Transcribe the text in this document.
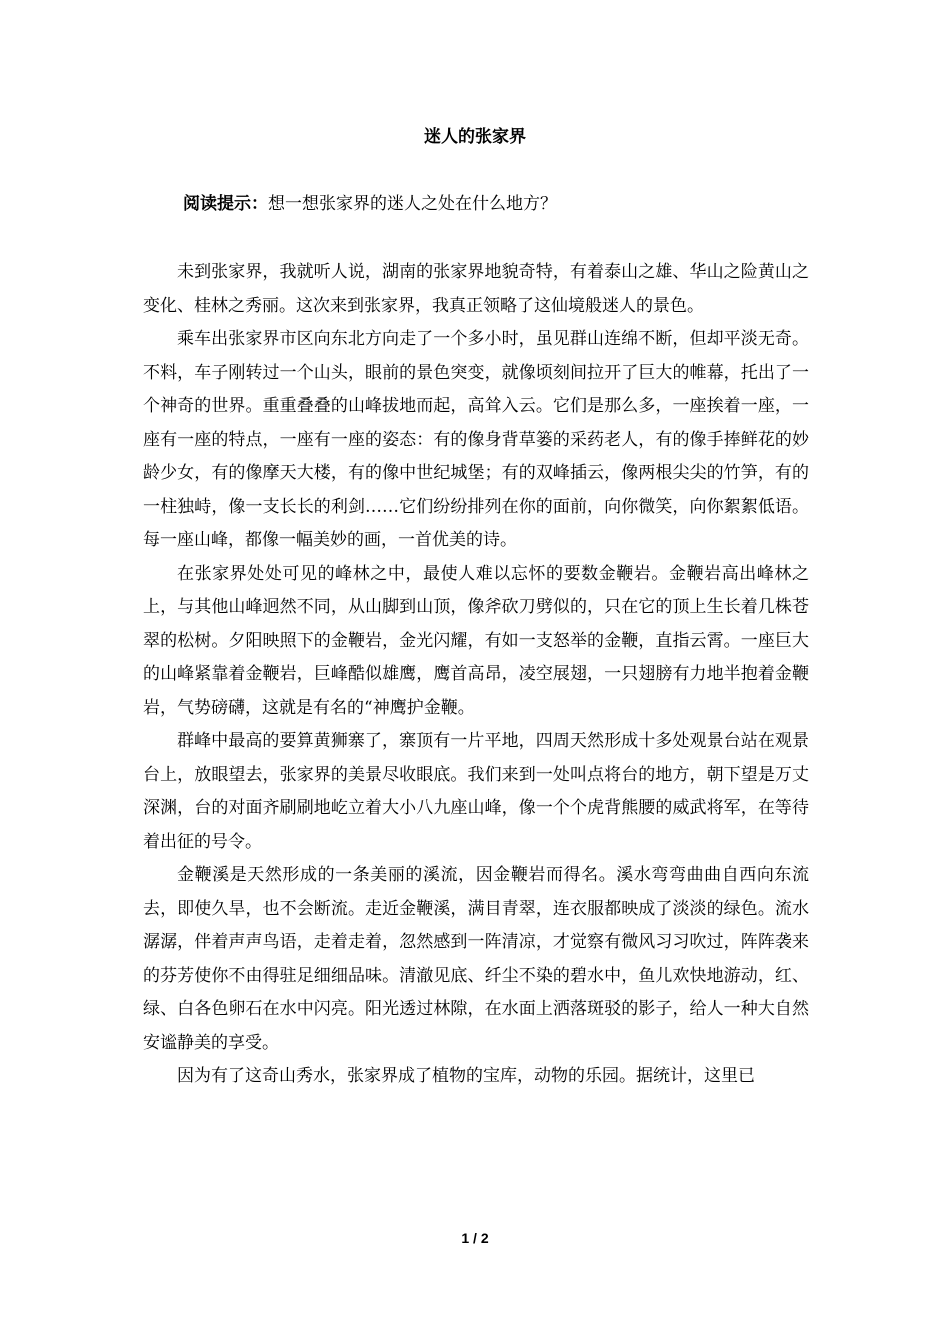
迷人的张家界
阅读提示：想一想张家界的迷人之处在什么地方？

未到张家界，我就听人说，湖南的张家界地貌奇特，有着泰山之雄、华山之险黄山之变化、桂林之秀丽。这次来到张家界，我真正领略了这仙境般迷人的景色。

乘车出张家界市区向东北方向走了一个多小时，虽见群山连绵不断，但却平淡无奇。不料，车子刚转过一个山头，眼前的景色突变，就像顷刻间拉开了巨大的帷幕，托出了一个神奇的世界。重重叠叠的山峰拔地而起，高耸入云。它们是那么多，一座挨着一座，一座有一座的特点，一座有一座的姿态：有的像身背草篓的采药老人，有的像手捧鲜花的妙龄少女，有的像摩天大楼，有的像中世纪城堡；有的双峰插云，像两根尖尖的竹笋，有的一柱独峙，像一支长长的利剑……它们纷纷排列在你的面前，向你微笑，向你絮絮低语。每一座山峰，都像一幅美妙的画，一首优美的诗。

在张家界处处可见的峰林之中，最使人难以忘怀的要数金鞭岩。金鞭岩高出峰林之上，与其他山峰迥然不同，从山脚到山顶，像斧砍刀劈似的，只在它的顶上生长着几株苍翠的松树。夕阳映照下的金鞭岩，金光闪耀，有如一支怒举的金鞭，直指云霄。一座巨大的山峰紧靠着金鞭岩，巨峰酷似雄鹰，鹰首高昂，凌空展翅，一只翅膀有力地半抱着金鞭岩，气势磅礴，这就是有名的“神鹰护金鞭。

群峰中最高的要算黄狮寨了，寨顶有一片平地，四周天然形成十多处观景台站在观景台上，放眼望去，张家界的美景尽收眼底。我们来到一处叫点将台的地方，朝下望是万丈深渊，台的对面齐刷刷地屹立着大小八九座山峰，像一个个虎背熊腰的威武将军，在等待着出征的号令。

金鞭溪是天然形成的一条美丽的溪流，因金鞭岩而得名。溪水弯弯曲曲自西向东流去，即使久旱，也不会断流。走近金鞭溪，满目青翠，连衣服都映成了淡淡的绿色。流水潺潺，伴着声声鸟语，走着走着，忽然感到一阵清凉，才觉察有微风习习吹过，阵阵袭来的芬芳使你不由得驻足细细品味。清澈见底、纤尘不染的碧水中，鱼儿欢快地游动，红、绿、白各色卵石在水中闪亮。阳光透过林隙，在水面上洒落斑驳的影子，给人一种大自然安谧静美的享受。

因为有了这奇山秀水，张家界成了植物的宝库，动物的乐园。据统计，这里已

1 / 2
